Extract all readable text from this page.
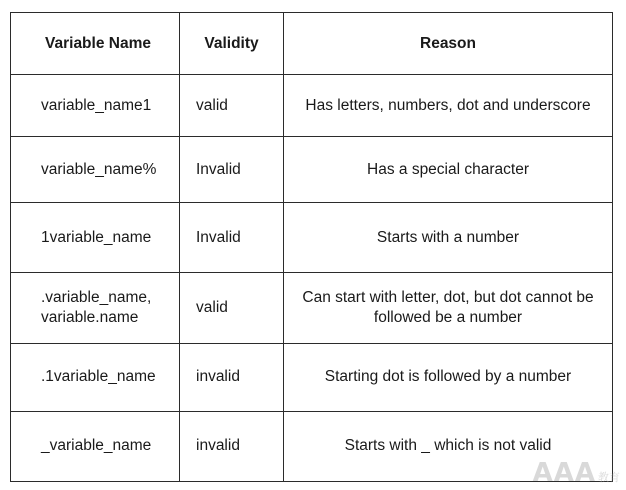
Variable Name	Validity	Reason
variable_name1	valid	Has letters, numbers, dot and underscore
variable_name%	Invalid	Has a special character
1variable_name	Invalid	Starts with a number
.variable_name, variable.name	valid	Can start with letter, dot, but dot cannot be followed be a number
.1variable_name	invalid	Starting dot is followed by a number
_variable_name	invalid	Starts with _ which is not valid
AAA 教育
